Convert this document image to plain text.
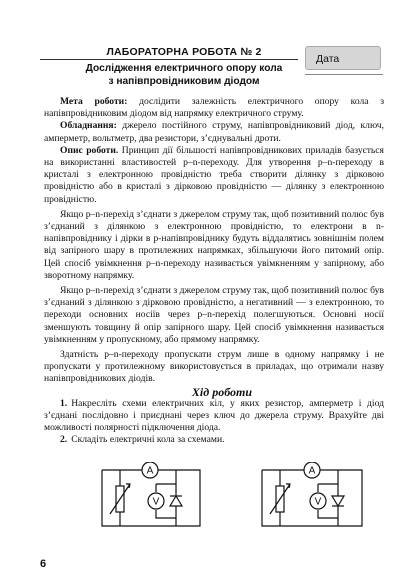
ЛАБОРАТОРНА РОБОТА № 2
Дослідження електричного опору кола
з напівпровідниковим діодом
Дата

Мета роботи: дослідити залежність електричного опору кола з напівпровідниковим діодом від напрямку електричного струму.

Обладнання: джерело постійного струму, напівпровідниковий діод, ключ, амперметр, вольтметр, два резистори, з’єднувальні дроти.

Опис роботи. Принцип дії більшості напівпровідникових приладів базується на використанні властивостей p–n-переходу. Для утворення p–n-переходу в кристалі з електронною провідністю треба створити ділянку з дірковою провідністю або в кристалі з дірковою провідністю — ділянку з електронною провідністю.

Якщо p–n-перехід з’єднати з джерелом струму так, щоб позитивний полюс був з’єднаний з ділянкою з електронною провідністю, то електрони в n-напівпровіднику і дірки в p-напівпровіднику будуть віддалятись зовнішнім полем від запірного шару в протилежних напрямках, збільшуючи його питомий опір. Цей спосіб увімкнення p–n-переходу називається увімкненням у запірному, або зворотному напрямку.

Якщо p–n-перехід з’єднати з джерелом струму так, щоб позитивний полюс був з’єднаний з ділянкою з дірковою провідністю, а негативний — з електронною, то переходи основних носіїв через p–n-перехід полегшуються. Основні носії зменшують товщину й опір запірного шару. Цей спосіб увімкнення називається увімкненням у пропускному, або прямому напрямку.

Здатність p–n-переходу пропускати струм лише в одному напрямку і не пропускати у протилежному використовується в приладах, що отримали назву напівпровідникових діодів.

Хід роботи

1. Накресліть схеми електричних кіл, у яких резистор, амперметр і діод з’єднані послідовно і приєднані через ключ до джерела струму. Врахуйте дві можливості полярності підключення діода.

2. Складіть електричні кола за схемами.

A
V
A
V
6
